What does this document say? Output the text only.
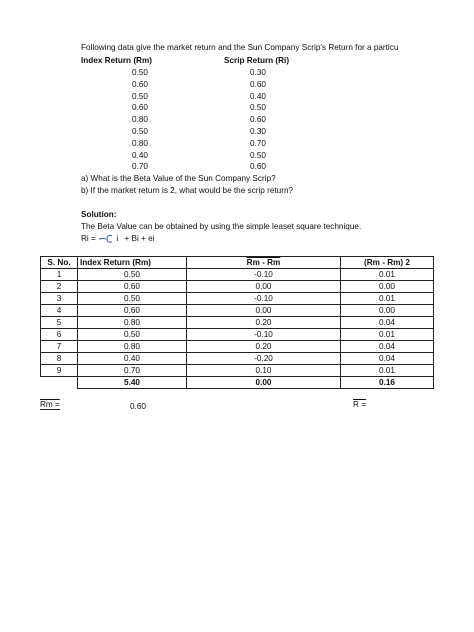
Following data give the market return and the Sun Company Scrip's Return for a particu
Index Return (Rm)	Scrip Return (Ri)
0.50	0.30
0.60	0.60
0.50	0.40
0.60	0.50
0.80	0.60
0.50	0.30
0.80	0.70
0.40	0.50
0.70	0.60
a) What is the Beta Value of the Sun Company Scrip?
b) If the market return is 2, what would be the scrip return?
Solution:
The Beta Value can be obtained by using the simple leaset square technique.
Ri =	i + Bi + ei
S. No.	Index Return (Rm)	Rm - Rm	(Rm - Rm) 2
1	0.50	-0.10	0.01
2	0.60	0.00	0.00
3	0.50	-0.10	0.01
4	0.60	0.00	0.00
5	0.80	0.20	0.04
6	0.50	-0.10	0.01
7	0.80	0.20	0.04
8	0.40	-0.20	0.04
9	0.70	0.10	0.01
	5.40	0.00	0.16
Rm =	0.60	R =
